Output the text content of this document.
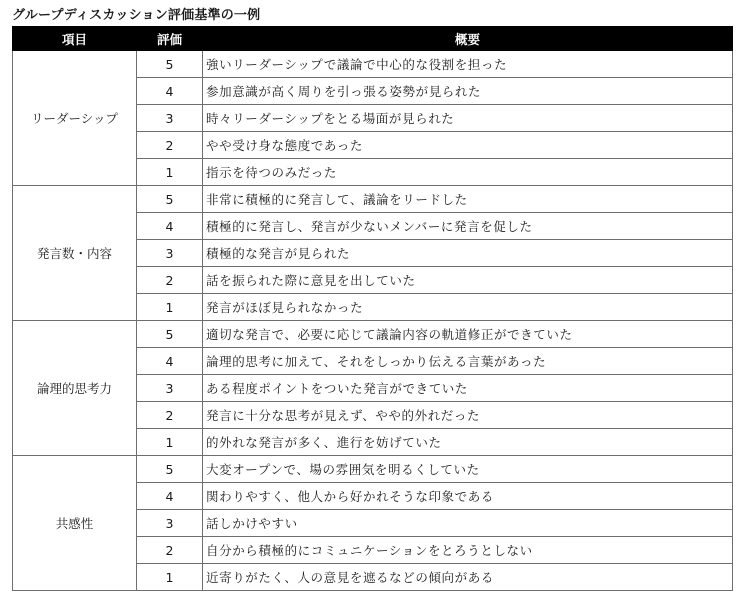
グループディスカッション評価基準の一例
項目	評価	概要
リーダーシップ	5	強いリーダーシップで議論で中心的な役割を担った
	4	参加意識が高く周りを引っ張る姿勢が見られた
	3	時々リーダーシップをとる場面が見られた
	2	やや受け身な態度であった
	1	指示を待つのみだった
発言数・内容	5	非常に積極的に発言して、議論をリードした
	4	積極的に発言し、発言が少ないメンバーに発言を促した
	3	積極的な発言が見られた
	2	話を振られた際に意見を出していた
	1	発言がほぼ見られなかった
論理的思考力	5	適切な発言で、必要に応じて議論内容の軌道修正ができていた
	4	論理的思考に加えて、それをしっかり伝える言葉があった
	3	ある程度ポイントをついた発言ができていた
	2	発言に十分な思考が見えず、やや的外れだった
	1	的外れな発言が多く、進行を妨げていた
共感性	5	大変オープンで、場の雰囲気を明るくしていた
	4	関わりやすく、他人から好かれそうな印象である
	3	話しかけやすい
	2	自分から積極的にコミュニケーションをとろうとしない
	1	近寄りがたく、人の意見を遮るなどの傾向がある
